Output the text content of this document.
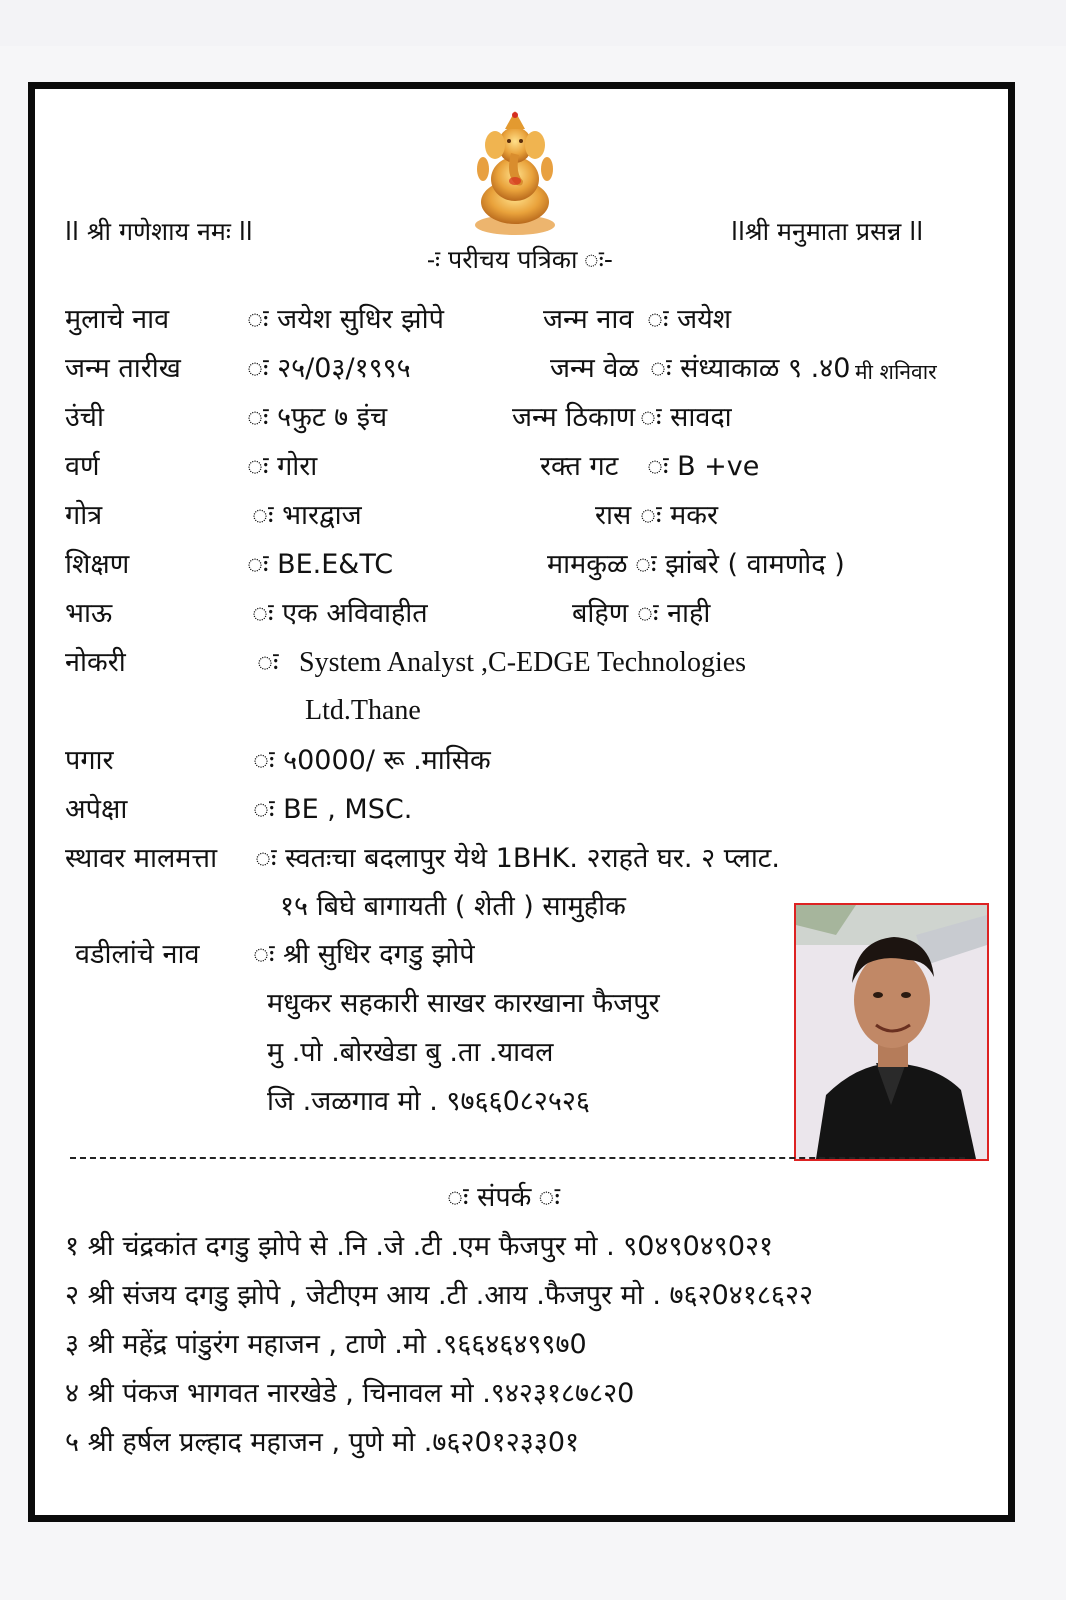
ll श्री गणेशाय नमः ll	llश्री मनुमाता प्रसन्न ll
-ः परीचय पत्रिका ः-
मुलाचे नाव	ः जयेश सुधिर झोपे	जन्म नाव ः जयेश
जन्म तारीख ः २५/0३/१९९५	जन्म वेळ ः संध्याकाळ ९ .४0 मी शनिवार
उंची	ः ५फुट ७ इंच	जन्म ठिकाण ः सावदा
वर्ण	ः गोरा	रक्त गट ः B +ve
गोत्र	ः भारद्वाज	रास ः मकर
शिक्षण	ः BE.E&TC	मामकुळ ः झांबरे ( वामणोद )
भाऊ	ः एक अविवाहीत	बहिण ः नाही
नोकरी	ः System Analyst ,C-EDGE Technologies
Ltd.Thane
पगार	ः ५0000/ रू .मासिक
अपेक्षा	ः BE , MSC.
स्थावर मालमत्ता ः स्वतःचा बदलापुर येथे 1BHK. २राहते घर. २ प्लाट.
१५ बिघे बागायती ( शेती ) सामुहीक
वडीलांचे नाव ः श्री सुधिर दगडु झोपे
मधुकर सहकारी साखर कारखाना फैजपुर
मु .पो .बोरखेडा बु .ता .यावल
जि .जळगाव मो . ९७६६0८२५२६
ः संपर्क ः
१ श्री चंद्रकांत दगडु झोपे से .नि .जे .टी .एम फैजपुर मो . ९0४९0४९0२१
२ श्री संजय दगडु झोपे , जेटीएम आय .टी .आय .फैजपुर मो . ७६२0४१८६२२
३ श्री महेंद्र पांडुरंग महाजन , टाणे .मो .९६६४६४९९७0
४ श्री पंकज भागवत नारखेडे , चिनावल मो .९४२३१८७८२0
५ श्री हर्षल प्रल्हाद महाजन , पुणे मो .७६२0१२३३0१
